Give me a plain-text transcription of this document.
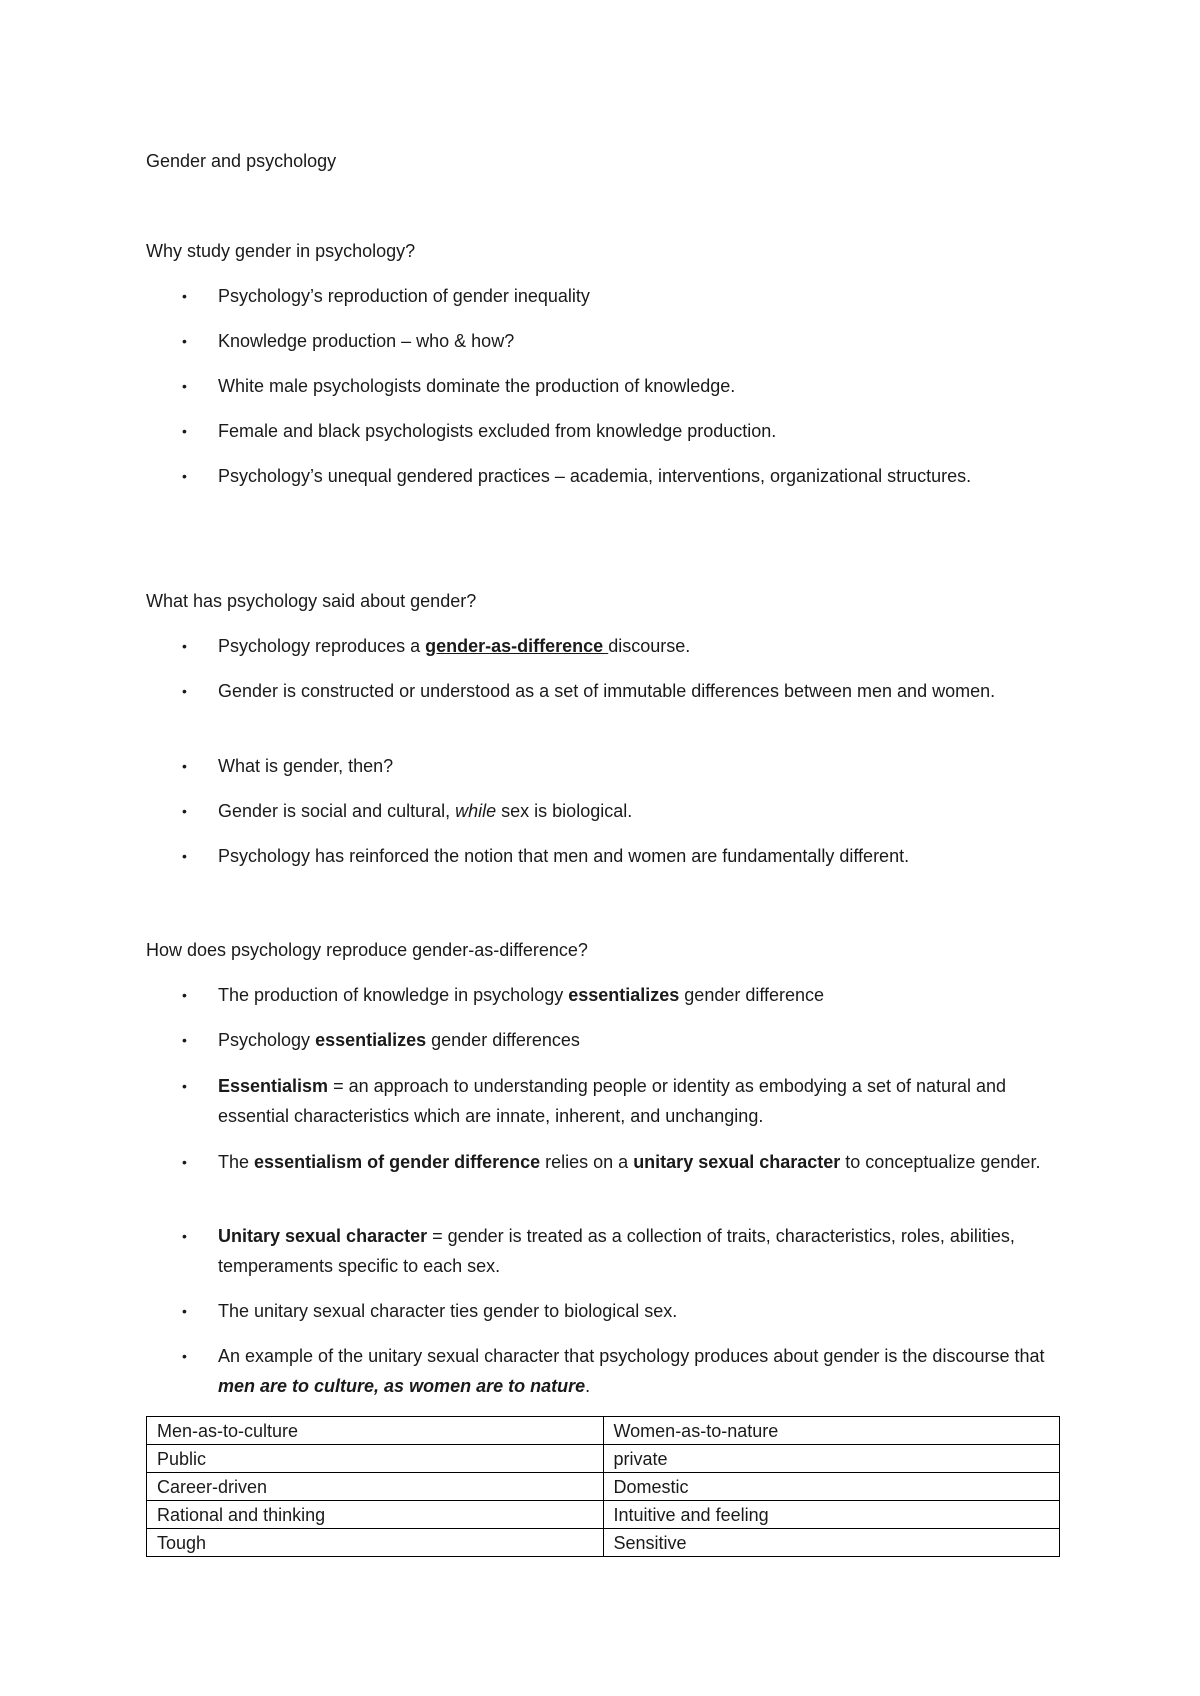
Gender and psychology
Why study gender in psychology?
• Psychology’s reproduction of gender inequality
• Knowledge production – who & how?
• White male psychologists dominate the production of knowledge.
• Female and black psychologists excluded from knowledge production.
• Psychology’s unequal gendered practices – academia, interventions, organizational structures.
What has psychology said about gender?
• Psychology reproduces a gender-as-difference discourse.
• Gender is constructed or understood as a set of immutable differences between men and women.
• What is gender, then?
• Gender is social and cultural, while sex is biological.
• Psychology has reinforced the notion that men and women are fundamentally different.
How does psychology reproduce gender-as-difference?
• The production of knowledge in psychology essentializes gender difference
• Psychology essentializes gender differences
• Essentialism = an approach to understanding people or identity as embodying a set of natural and essential characteristics which are innate, inherent, and unchanging.
• The essentialism of gender difference relies on a unitary sexual character to conceptualize gender.
• Unitary sexual character = gender is treated as a collection of traits, characteristics, roles, abilities, temperaments specific to each sex.
• The unitary sexual character ties gender to biological sex.
• An example of the unitary sexual character that psychology produces about gender is the discourse that men are to culture, as women are to nature.
Men-as-to-culture	Women-as-to-nature
Public	private
Career-driven	Domestic
Rational and thinking	Intuitive and feeling
Tough	Sensitive
